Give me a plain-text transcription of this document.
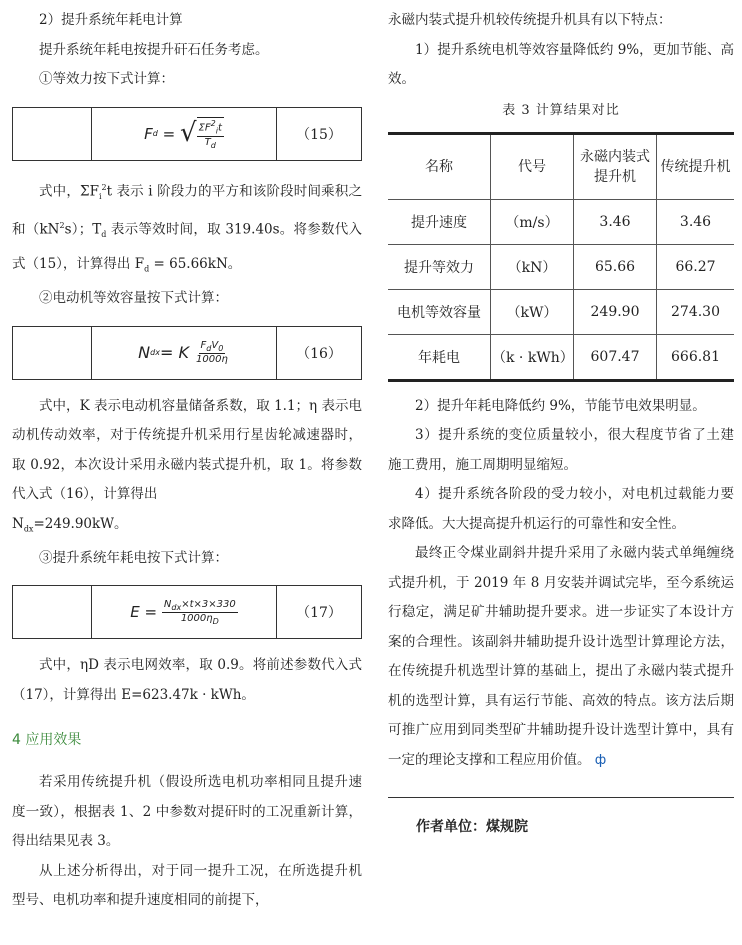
2）提升系统年耗电计算

提升系统年耗电按提升矸石任务考虑。

①等效力按下式计算：

F d = √ $\frac{\Sigma F^2_it}{T_d}$	（15）

式中，$\Sigma F_i^2t$ 表示 i 阶段力的平方和该阶段时间乘积之和$(kN^2s)$；$T_d$ 表示等效时间，取 319.40s。将参数代入式（15），计算得出 $F_d = 65.66kN$。

②电动机等效容量按下式计算：

N dx = K
$\frac{F_dV_0}{1000\eta}$	（16）

式中，K 表示电动机容量储备系数，取 1.1；η 表示电动机传动效率，对于传统提升机采用行星齿轮减速器时，取 0.92，本次设计采用永磁内装式提升机，取 1。将参数代入式（16），计算得出
$N_{dx}=249.90kW$。

③提升系统年耗电按下式计算：

$E = \frac{N_{dx}\times t\times 3\times 330}{1000\eta_D}$	（17）

式中，ηD 表示电网效率，取 0.9。将前述参数代入式（17），计算得出 E=623.47k · kWh。

4 应用效果

若采用传统提升机（假设所选电机功率相同且提升速度一致），根据表 1、2 中参数对提矸时的工况重新计算，得出结果见表 3。

从上述分析得出，对于同一提升工况，在所选提升机型号、电机功率和提升速度相同的前提下，

永磁内装式提升机较传统提升机具有以下特点：

1）提升系统电机等效容量降低约 9%，更加节能、高效。

表 3 计算结果对比
名称	代号	永磁内装式提升机	传统提升机
提升速度	（m/s）	3.46	3.46
提升等效力	（kN）	65.66	66.27
电机等效容量	（kW）	249.90	274.30
年耗电	（k · kWh）	607.47	666.81

2）提升年耗电降低约 9%，节能节电效果明显。

3）提升系统的变位质量较小，很大程度节省了土建施工费用，施工周期明显缩短。

4）提升系统各阶段的受力较小，对电机过载能力要求降低。大大提高提升机运行的可靠性和安全性。

最终正令煤业副斜井提升采用了永磁内装式单绳缠绕式提升机，于 2019 年 8 月安装并调试完毕，至今系统运行稳定，满足矿井辅助提升要求。进一步证实了本设计方案的合理性。该副斜井辅助提升设计选型计算理论方法，在传统提升机选型计算的基础上，提出了永磁内装式提升机的选型计算，具有运行节能、高效的特点。该方法后期可推广应用到同类型矿井辅助提升设计选型计算中，具有一定的理论支撑和工程应用价值。 ф

作者单位：煤规院
